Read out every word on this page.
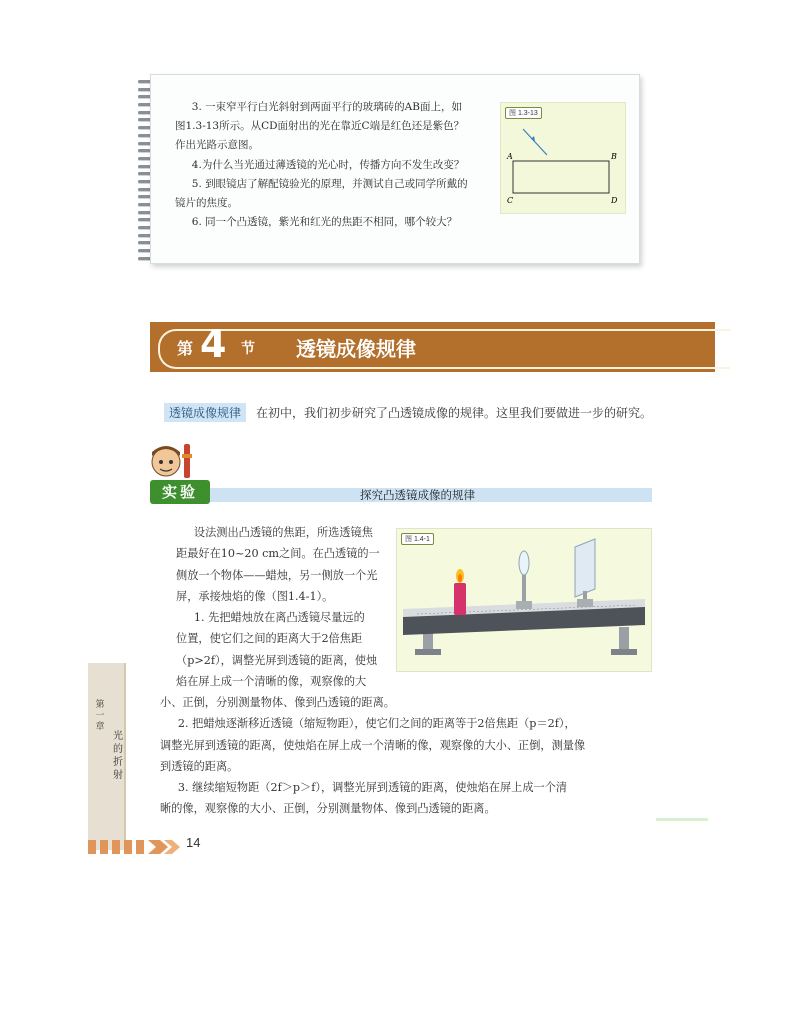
3. 一束窄平行白光斜射到两面平行的玻璃砖的AB面上，如

图1.3-13所示。从CD面射出的光在靠近C端是红色还是紫色？

作出光路示意图。

4.为什么当光通过薄透镜的光心时，传播方向不发生改变？

5. 到眼镜店了解配镜验光的原理，并测试自己或同学所戴的

镜片的焦度。

6. 同一个凸透镜，紫光和红光的焦距不相同，哪个较大？

图 1.3-13
A	B
C	D
第 4 节 透镜成像规律
透镜成像规律	在初中，我们初步研究了凸透镜成像的规律。这里我们要做进一步的研究。
实验	探究凸透镜成像的规律

设法测出凸透镜的焦距，所选透镜焦

距最好在10~20 cm之间。在凸透镜的一

侧放一个物体——蜡烛，另一侧放一个光

屏，承接烛焰的像（图1.4-1）。

1. 先把蜡烛放在离凸透镜尽量远的

位置，使它们之间的距离大于2倍焦距

（p>2f），调整光屏到透镜的距离，使烛

焰在屏上成一个清晰的像，观察像的大

图 1.4-1

小、正倒，分别测量物体、像到凸透镜的距离。

2. 把蜡烛逐渐移近透镜（缩短物距），使它们之间的距离等于2倍焦距（p＝2f），

调整光屏到透镜的距离，使烛焰在屏上成一个清晰的像，观察像的大小、正倒，测量像

到透镜的距离。

3. 继续缩短物距（2f＞p＞f），调整光屏到透镜的距离，使烛焰在屏上成一个清

晰的像，观察像的大小、正倒，分别测量物体、像到凸透镜的距离。

第一章
光的折射
14
